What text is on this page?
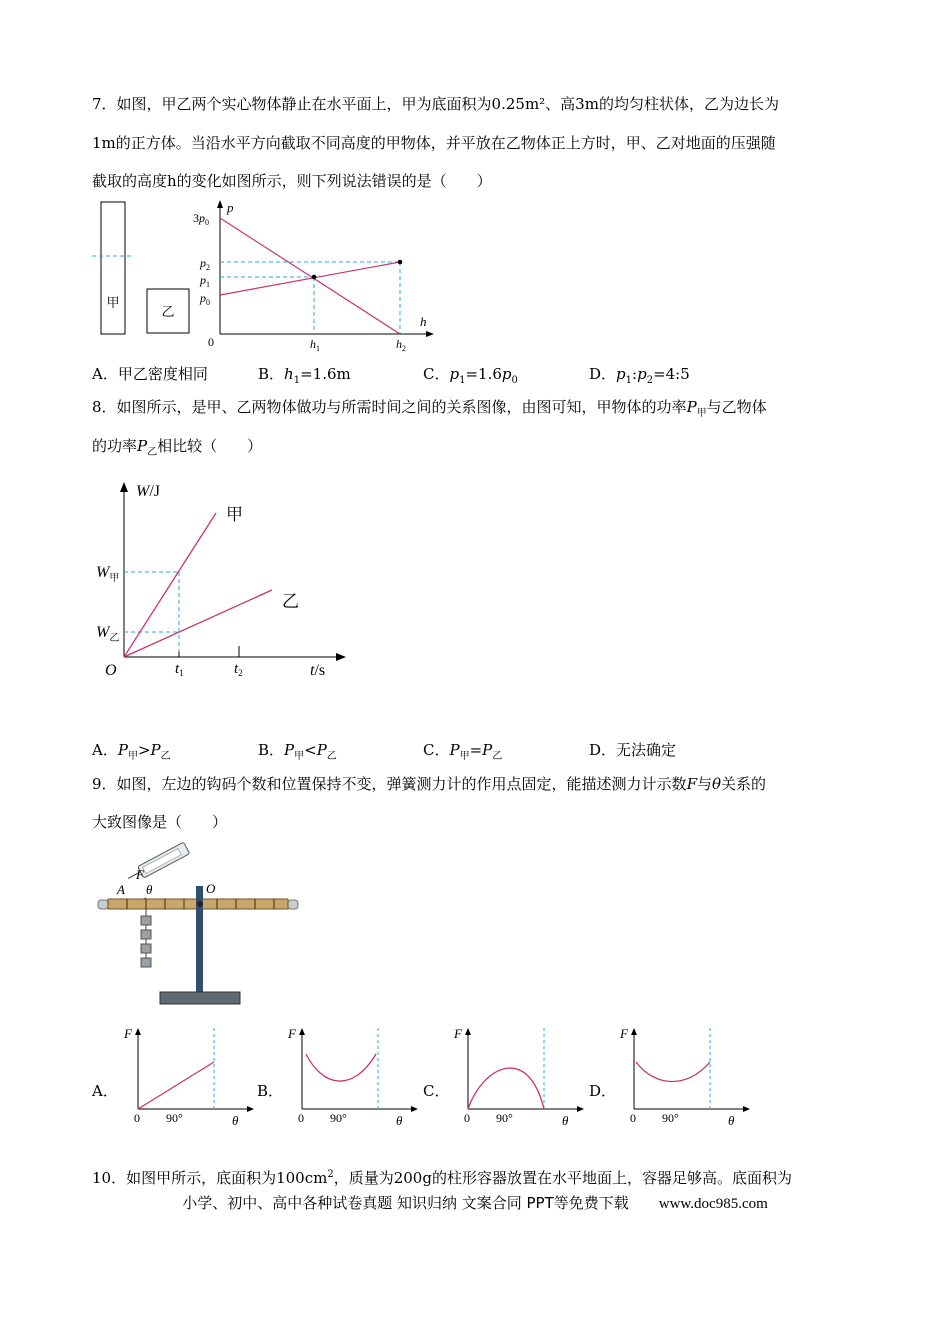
7．如图，甲乙两个实心物体静止在水平面上，甲为底面积为0.25m²、高3m的均匀柱状体，乙为边长为
1m的正方体。当沿水平方向截取不同高度的甲物体，并平放在乙物体正上方时，甲、乙对地面的压强随
截取的高度h的变化如图所示，则下列说法错误的是（　　）
甲
乙
p
h
0
$3p_0$
$p_2$
$p_1$
$p_0$
$h_1$	$h_2$
A．甲乙密度相同	B．$h_1=1.6m$	C．$p_1=1.6p_0$	D．$p_1:p_2=4:5$
8．如图所示，是甲、乙两物体做功与所需时间之间的关系图像，由图可知，甲物体的功率$P_甲$与乙物体
的功率$P_乙$相比较（　　）
W/J
t/s
O
$W_甲$
$W_乙$
$t_1$	$t_2$
甲
乙
A．$P_甲>P_乙$	B．$P_甲<P_乙$	C．$P_甲=P_乙$	D．无法确定
9．如图，左边的钩码个数和位置保持不变，弹簧测力计的作用点固定，能描述测力计示数F与θ关系的
大致图像是（　　）
F
A θ	O
A．
F
0 90°	θ
B．
F
0 90°	θ
C．
F
0 90°	θ
D．
F
0 90°	θ
10．如图甲所示，底面积为$100cm^2$，质量为200g的柱形容器放置在水平地面上，容器足够高。底面积为
小学、初中、高中各种试卷真题 知识归纳 文案合同 PPT等免费下载 www.doc985.com
